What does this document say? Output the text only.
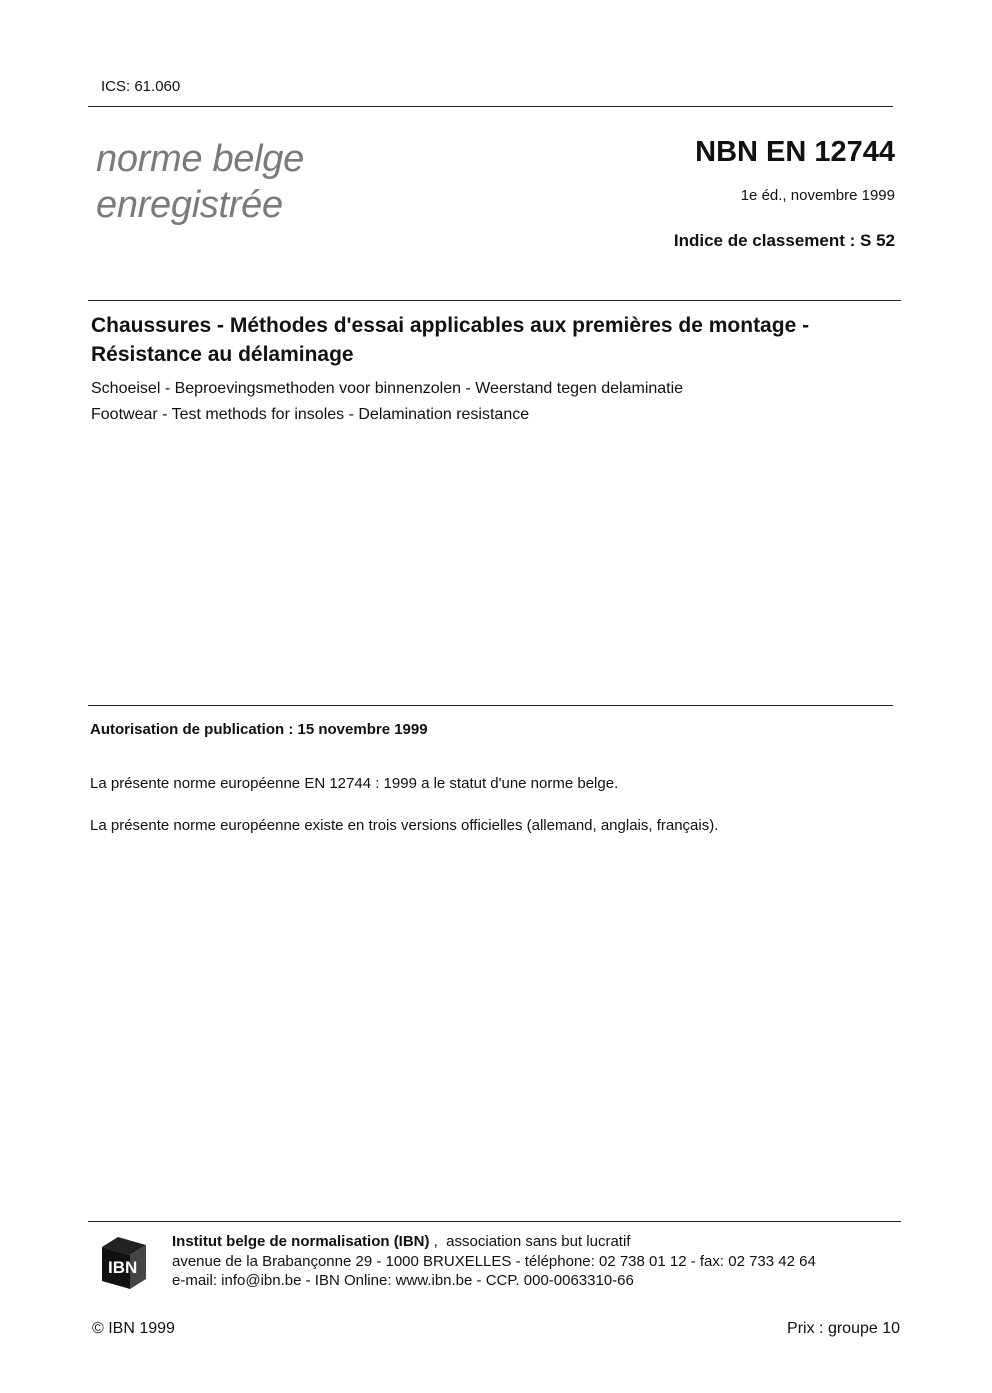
ICS: 61.060
norme belge
enregistrée
NBN EN 12744
1e éd., novembre 1999
Indice de classement : S 52
Chaussures - Méthodes d'essai applicables aux premières de montage -
Résistance au délaminage
Schoeisel - Beproevingsmethoden voor binnenzolen - Weerstand tegen delaminatie
Footwear - Test methods for insoles - Delamination resistance
Autorisation de publication : 15 novembre 1999
La présente norme européenne EN 12744 : 1999 a le statut d'une norme belge.
La présente norme européenne existe en trois versions officielles (allemand, anglais, français).
IBN
Institut belge de normalisation (IBN) ,  association sans but lucratif
avenue de la Brabançonne 29 - 1000 BRUXELLES - téléphone: 02 738 01 12 - fax: 02 733 42 64
e-mail: info@ibn.be - IBN Online: www.ibn.be - CCP. 000-0063310-66
© IBN 1999	Prix : groupe 10
